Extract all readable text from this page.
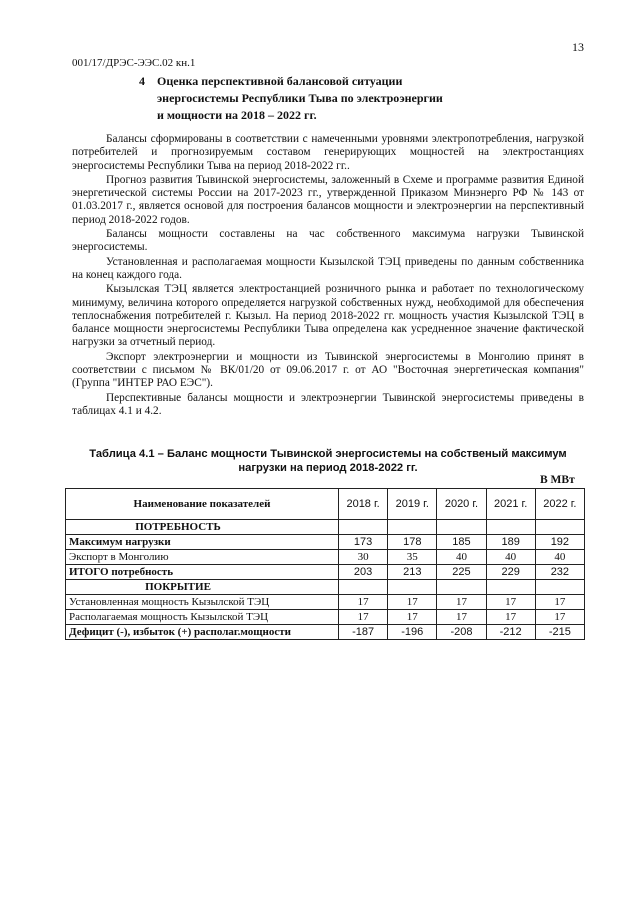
13
001/17/ДРЭС-ЭЭС.02 кн.1
4 Оценка перспективной балансовой ситуации
энергосистемы Республики Тыва по электроэнергии
и мощности на 2018 – 2022 гг.

Балансы сформированы в соответствии с намеченными уровнями электропотребления, нагрузкой потребителей и прогнозируемым составом генерирующих мощностей на электростанциях энергосистемы Республики Тыва на период 2018-2022 гг..

Прогноз развития Тывинской энергосистемы, заложенный в Схеме и программе развития Единой энергетической системы России на 2017-2023 гг., утвержденной Приказом Минэнерго РФ № 143 от 01.03.2017 г., является основой для построения балансов мощности и электроэнергии на перспективный период 2018-2022 годов.

Балансы мощности составлены на час собственного максимума нагрузки Тывинской энергосистемы.

Установленная и располагаемая мощности Кызылской ТЭЦ приведены по данным собственника на конец каждого года.

Кызылская ТЭЦ является электростанцией розничного рынка и работает по технологическому минимуму, величина которого определяется нагрузкой собственных нужд, необходимой для обеспечения теплоснабжения потребителей г. Кызыл. На период 2018-2022 гг. мощность участия Кызылской ТЭЦ в балансе мощности энергосистемы Республики Тыва определена как усредненное значение фактической нагрузки за отчетный период.

Экспорт электроэнергии и мощности из Тывинской энергосистемы в Монголию принят в соответствии с письмом № ВК/01/20 от 09.06.2017 г. от АО "Восточная энергетическая компания" (Группа "ИНТЕР РАО ЕЭС").

Перспективные балансы мощности и электроэнергии Тывинской энергосистемы приведены в таблицах 4.1 и 4.2.

Таблица 4.1 – Баланс мощности Тывинской энергосистемы на собственый максимум
нагрузки на период 2018-2022 гг.
В МВт
Наименование показателей	2018 г.	2019 г.	2020 г.	2021 г.	2022 г.
ПОТРЕБНОСТЬ					
Максимум нагрузки	173	178	185	189	192
Экспорт в Монголию	30	35	40	40	40
ИТОГО потребность	203	213	225	229	232
ПОКРЫТИЕ					
Установленная мощность Кызылской ТЭЦ	17	17	17	17	17
Располагаемая мощность Кызылской ТЭЦ	17	17	17	17	17
Дефицит (-), избыток (+) располаг.мощности	-187	-196	-208	-212	-215
